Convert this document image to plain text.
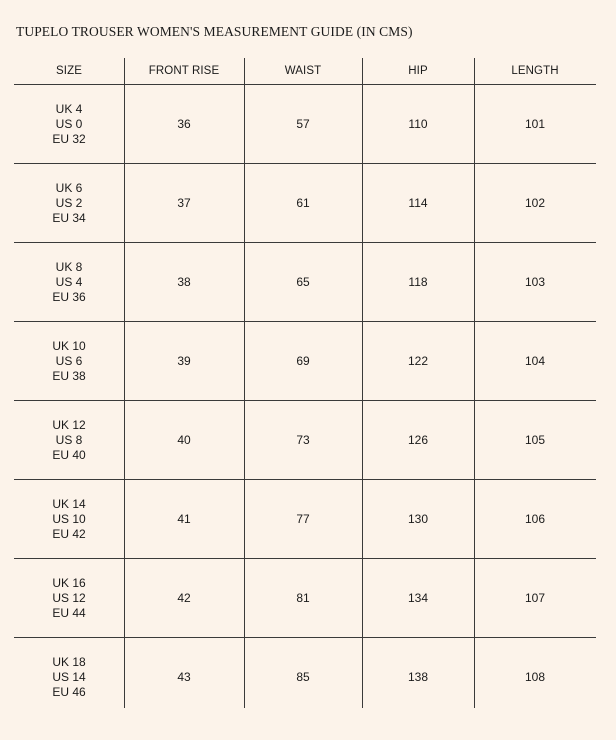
TUPELO TROUSER WOMEN'S MEASUREMENT GUIDE (IN CMS)
SIZE	FRONT RISE	WAIST	HIP	LENGTH
UK 4
US 0
EU 32
36	57	110	101
UK 6
US 2
EU 34
37	61	114	102
UK 8
US 4
EU 36
38	65	118	103
UK 10
US 6
EU 38
39	69	122	104
UK 12
US 8
EU 40
40	73	126	105
UK 14
US 10
EU 42
41	77	130	106
UK 16
US 12
EU 44
42	81	134	107
UK 18
US 14
EU 46
43	85	138	108
